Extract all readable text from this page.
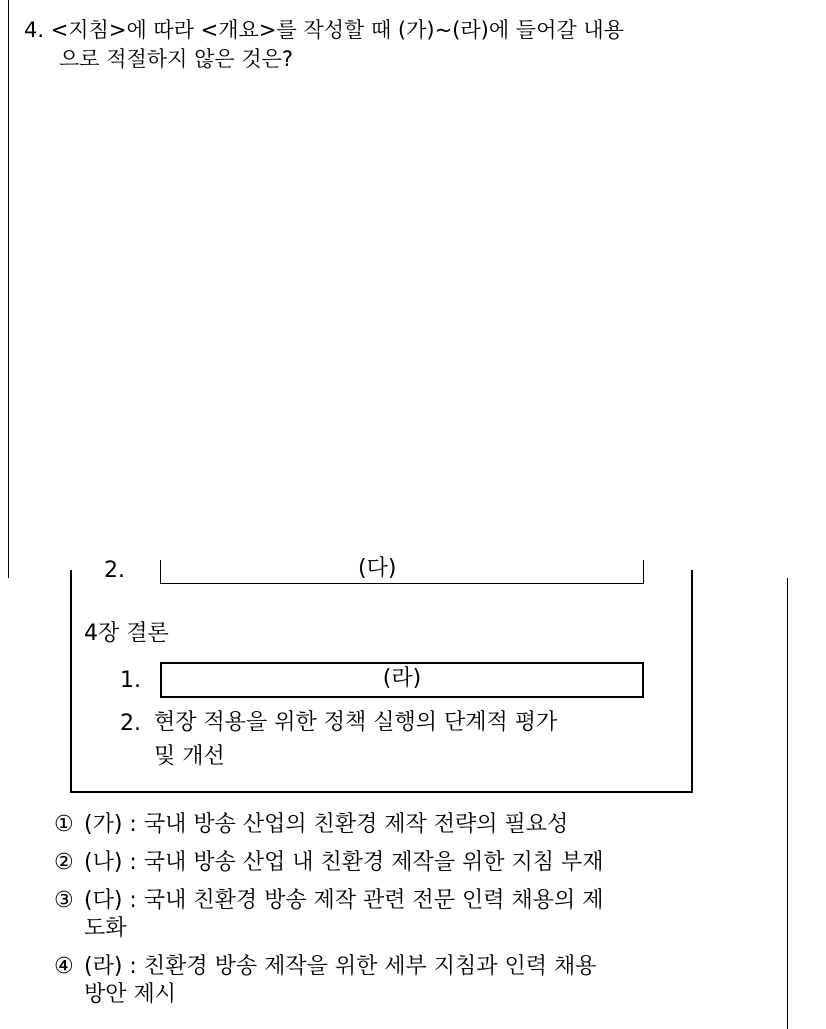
4. <지침>에 따라 <개요>를 작성할 때 (가)~(라)에 들어갈 내용
으로 적절하지 않은 것은?
2.	(다)
4장 결론
1.	(라)
2. 현장 적용을 위한 정책 실행의 단계적 평가
및 개선
① (가) : 국내 방송 산업의 친환경 제작 전략의 필요성
② (나) : 국내 방송 산업 내 친환경 제작을 위한 지침 부재
③ (다) : 국내 친환경 방송 제작 관련 전문 인력 채용의 제
도화
④ (라) : 친환경 방송 제작을 위한 세부 지침과 인력 채용
방안 제시
